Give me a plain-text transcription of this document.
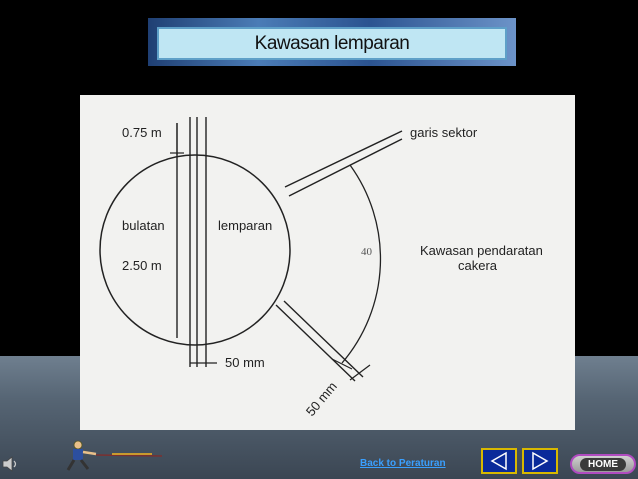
Kawasan lemparan
0.75 m	garis sektor
bulatan	lemparan
2.50 m
40	Kawasan pendaratan
cakera
50 mm
50 mm
Back to Peraturan	HOME
